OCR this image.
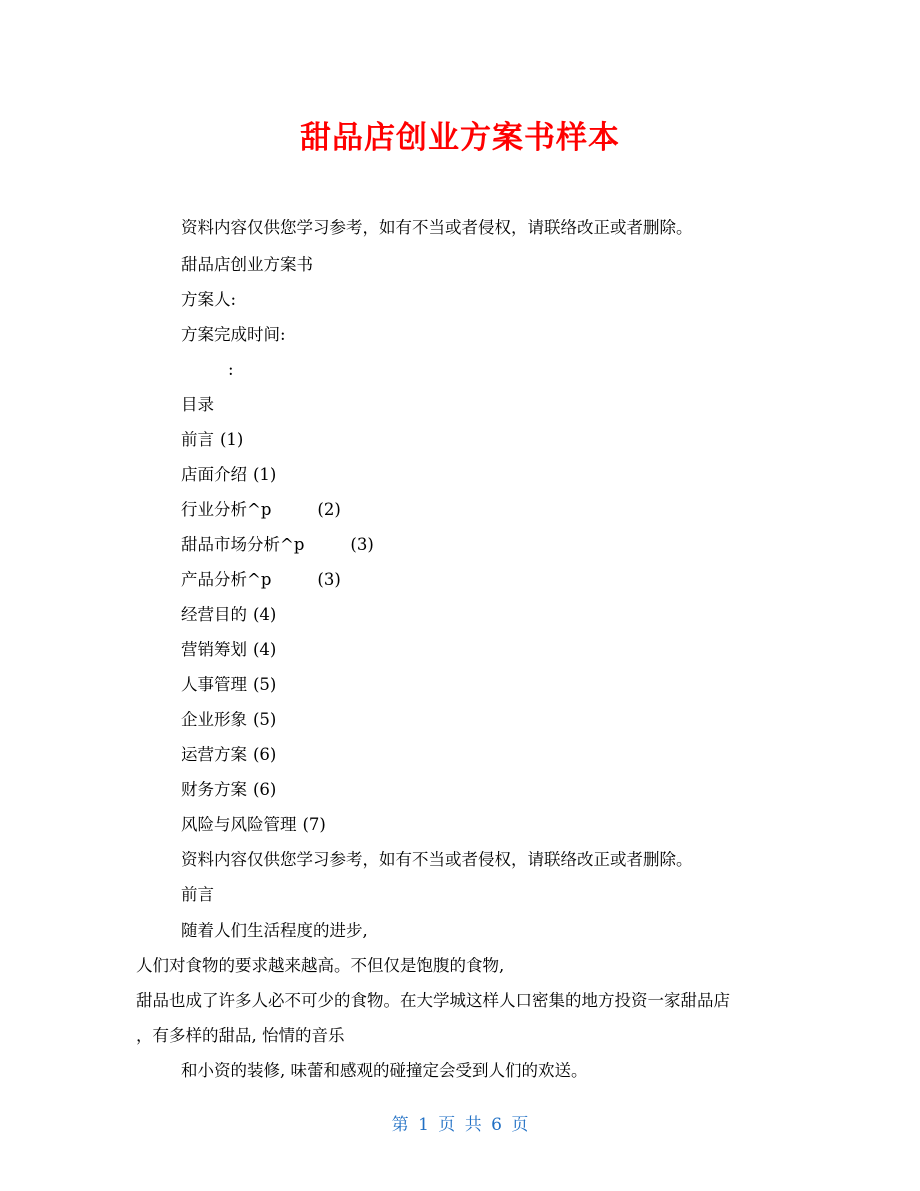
甜品店创业方案书样本
资料内容仅供您学习参考，如有不当或者侵权，请联络改正或者删除。
甜品店创业方案书
方案人:
方案完成时间:
:
目录
前言 (1)
店面介绍 (1)
行业分析^p	(2)
甜品市场分析^p	(3)
产品分析^p	(3)
经营目的 (4)
营销筹划 (4)
人事管理 (5)
企业形象 (5)
运营方案 (6)
财务方案 (6)
风险与风险管理 (7)
资料内容仅供您学习参考，如有不当或者侵权，请联络改正或者删除。
前言
随着人们生活程度的进步,
人们对食物的要求越来越高。不但仅是饱腹的食物,
甜品也成了许多人必不可少的食物。在大学城这样人口密集的地方投资一家甜品店
，有多样的甜品, 怡情的音乐
和小资的装修, 味蕾和感观的碰撞定会受到人们的欢送。
第 1 页 共 6 页
